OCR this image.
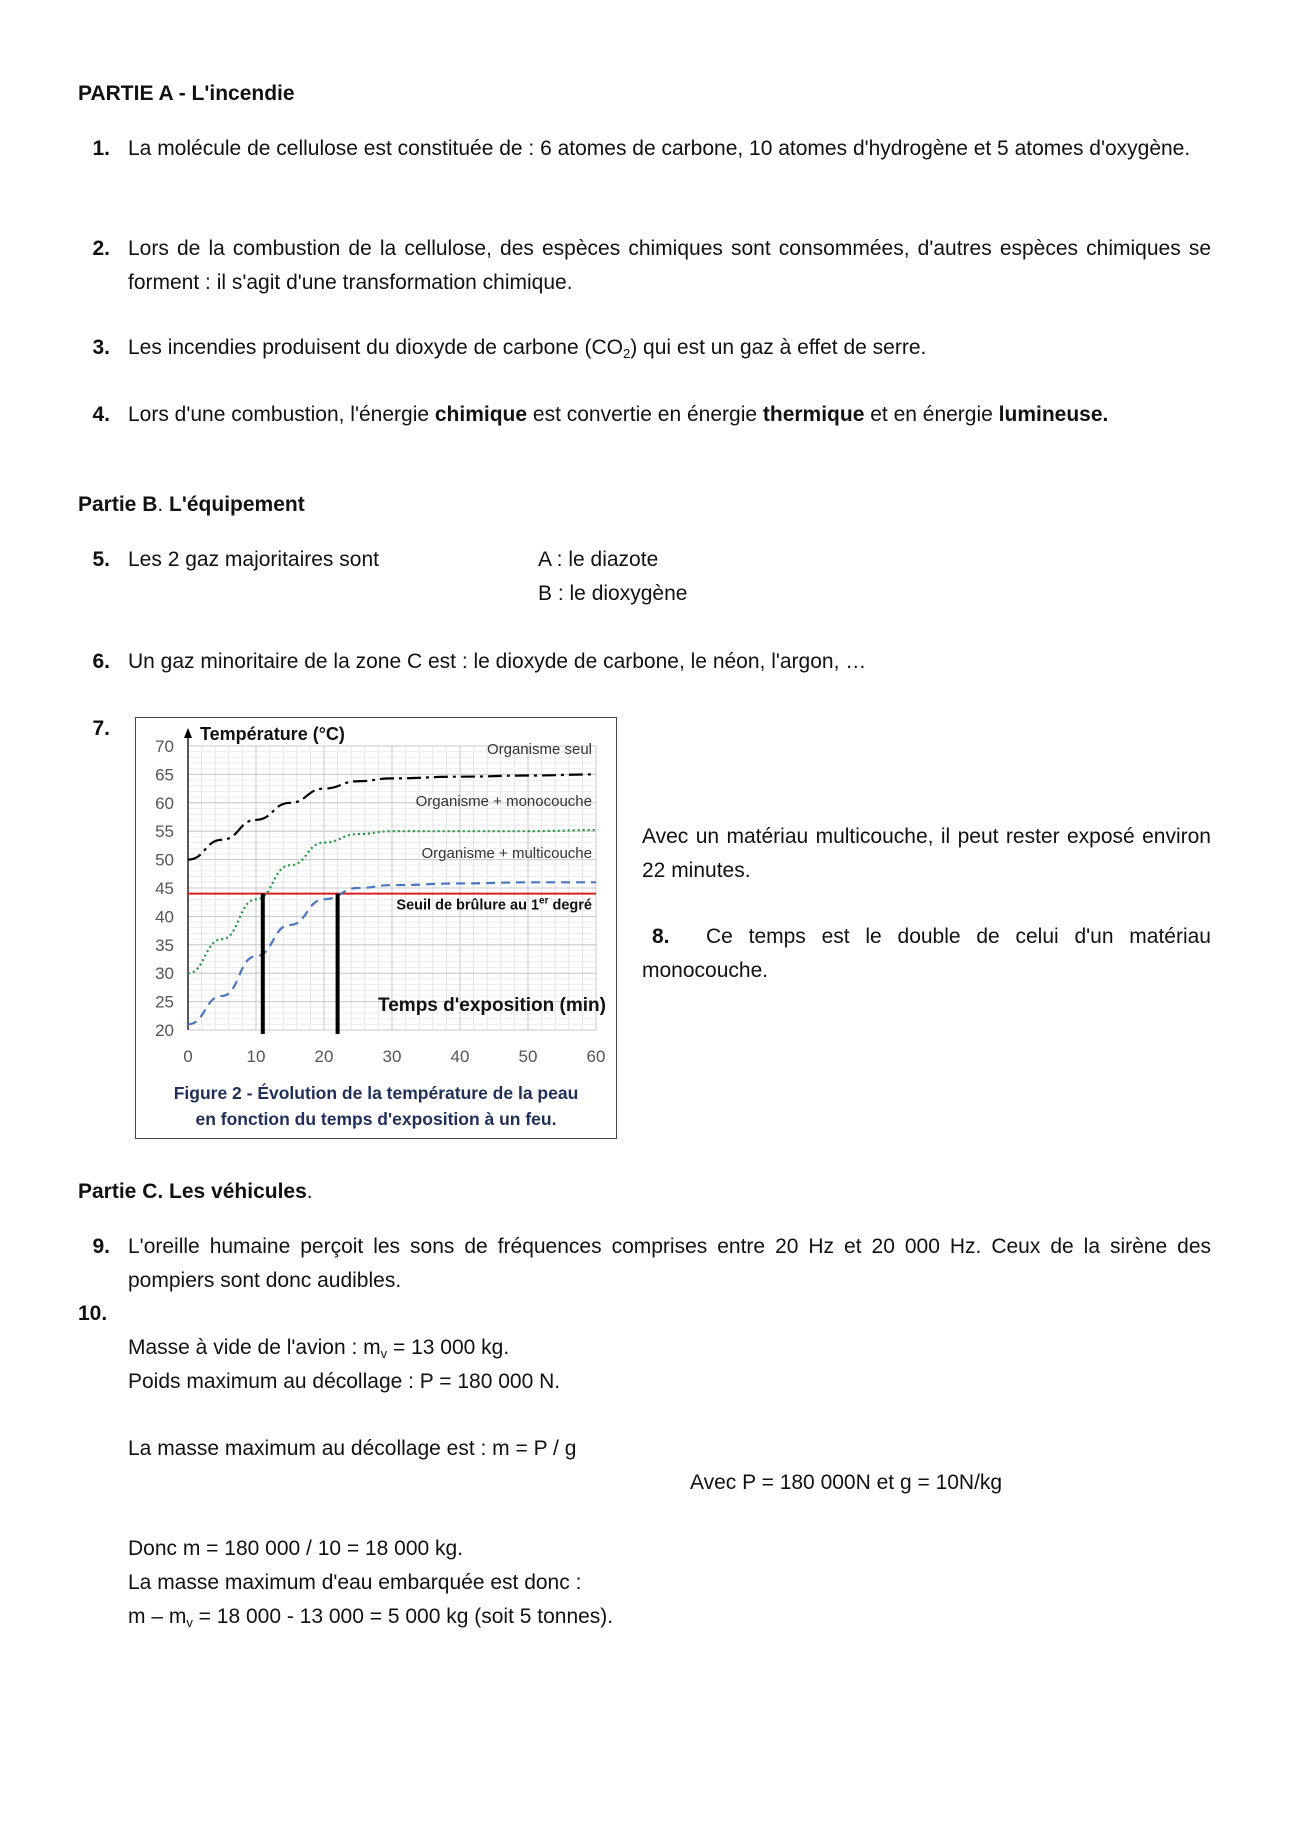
PARTIE A - L'incendie
1. La molécule de cellulose est constituée de : 6 atomes de carbone, 10 atomes d'hydrogène et 5 atomes d'oxygène.
2. Lors de la combustion de la cellulose, des espèces chimiques sont consommées, d'autres espèces chimiques se forment : il s'agit d'une transformation chimique.
3. Les incendies produisent du dioxyde de carbone $(CO_2)$ qui est un gaz à effet de serre.
4. Lors d'une combustion, l'énergie chimique est convertie en énergie thermique et en énergie lumineuse.
Partie B. L'équipement
5. Les 2 gaz majoritaires sont	A : le diazote
B : le dioxygène
6. Un gaz minoritaire de la zone C est : le dioxyde de carbone, le néon, l'argon, …
7.
20
25
30
35
40
45
50
55
60
65
70
0	10	20	30	40	50	60
Organisme seul
Organisme + monocouche
Organisme + multicouche
Seuil de brûlure au 1er degré
Température (°C)
Temps d'exposition (min)
Figure 2 - Évolution de la température de la peau
en fonction du temps d'exposition à un feu.
Avec un matériau multicouche, il peut rester exposé environ 22 minutes.
8. Ce temps est le double de celui d'un matériau monocouche.
Partie C. Les véhicules.
9. L'oreille humaine perçoit les sons de fréquences comprises entre 20 Hz et 20 000 Hz. Ceux de la sirène des pompiers sont donc audibles.
10.
Masse à vide de l'avion : $m_v = 13$ 000 kg.
Poids maximum au décollage : P = 180 000 N.
La masse maximum au décollage est : m = P / g
Avec P = 180 000N et g = 10N/kg
Donc m = 180 000 / 10 = 18 000 kg.
La masse maximum d'eau embarquée est donc :
$m - m_v = 18$ 000 - 13 000 = 5 000 kg (soit 5 tonnes).
